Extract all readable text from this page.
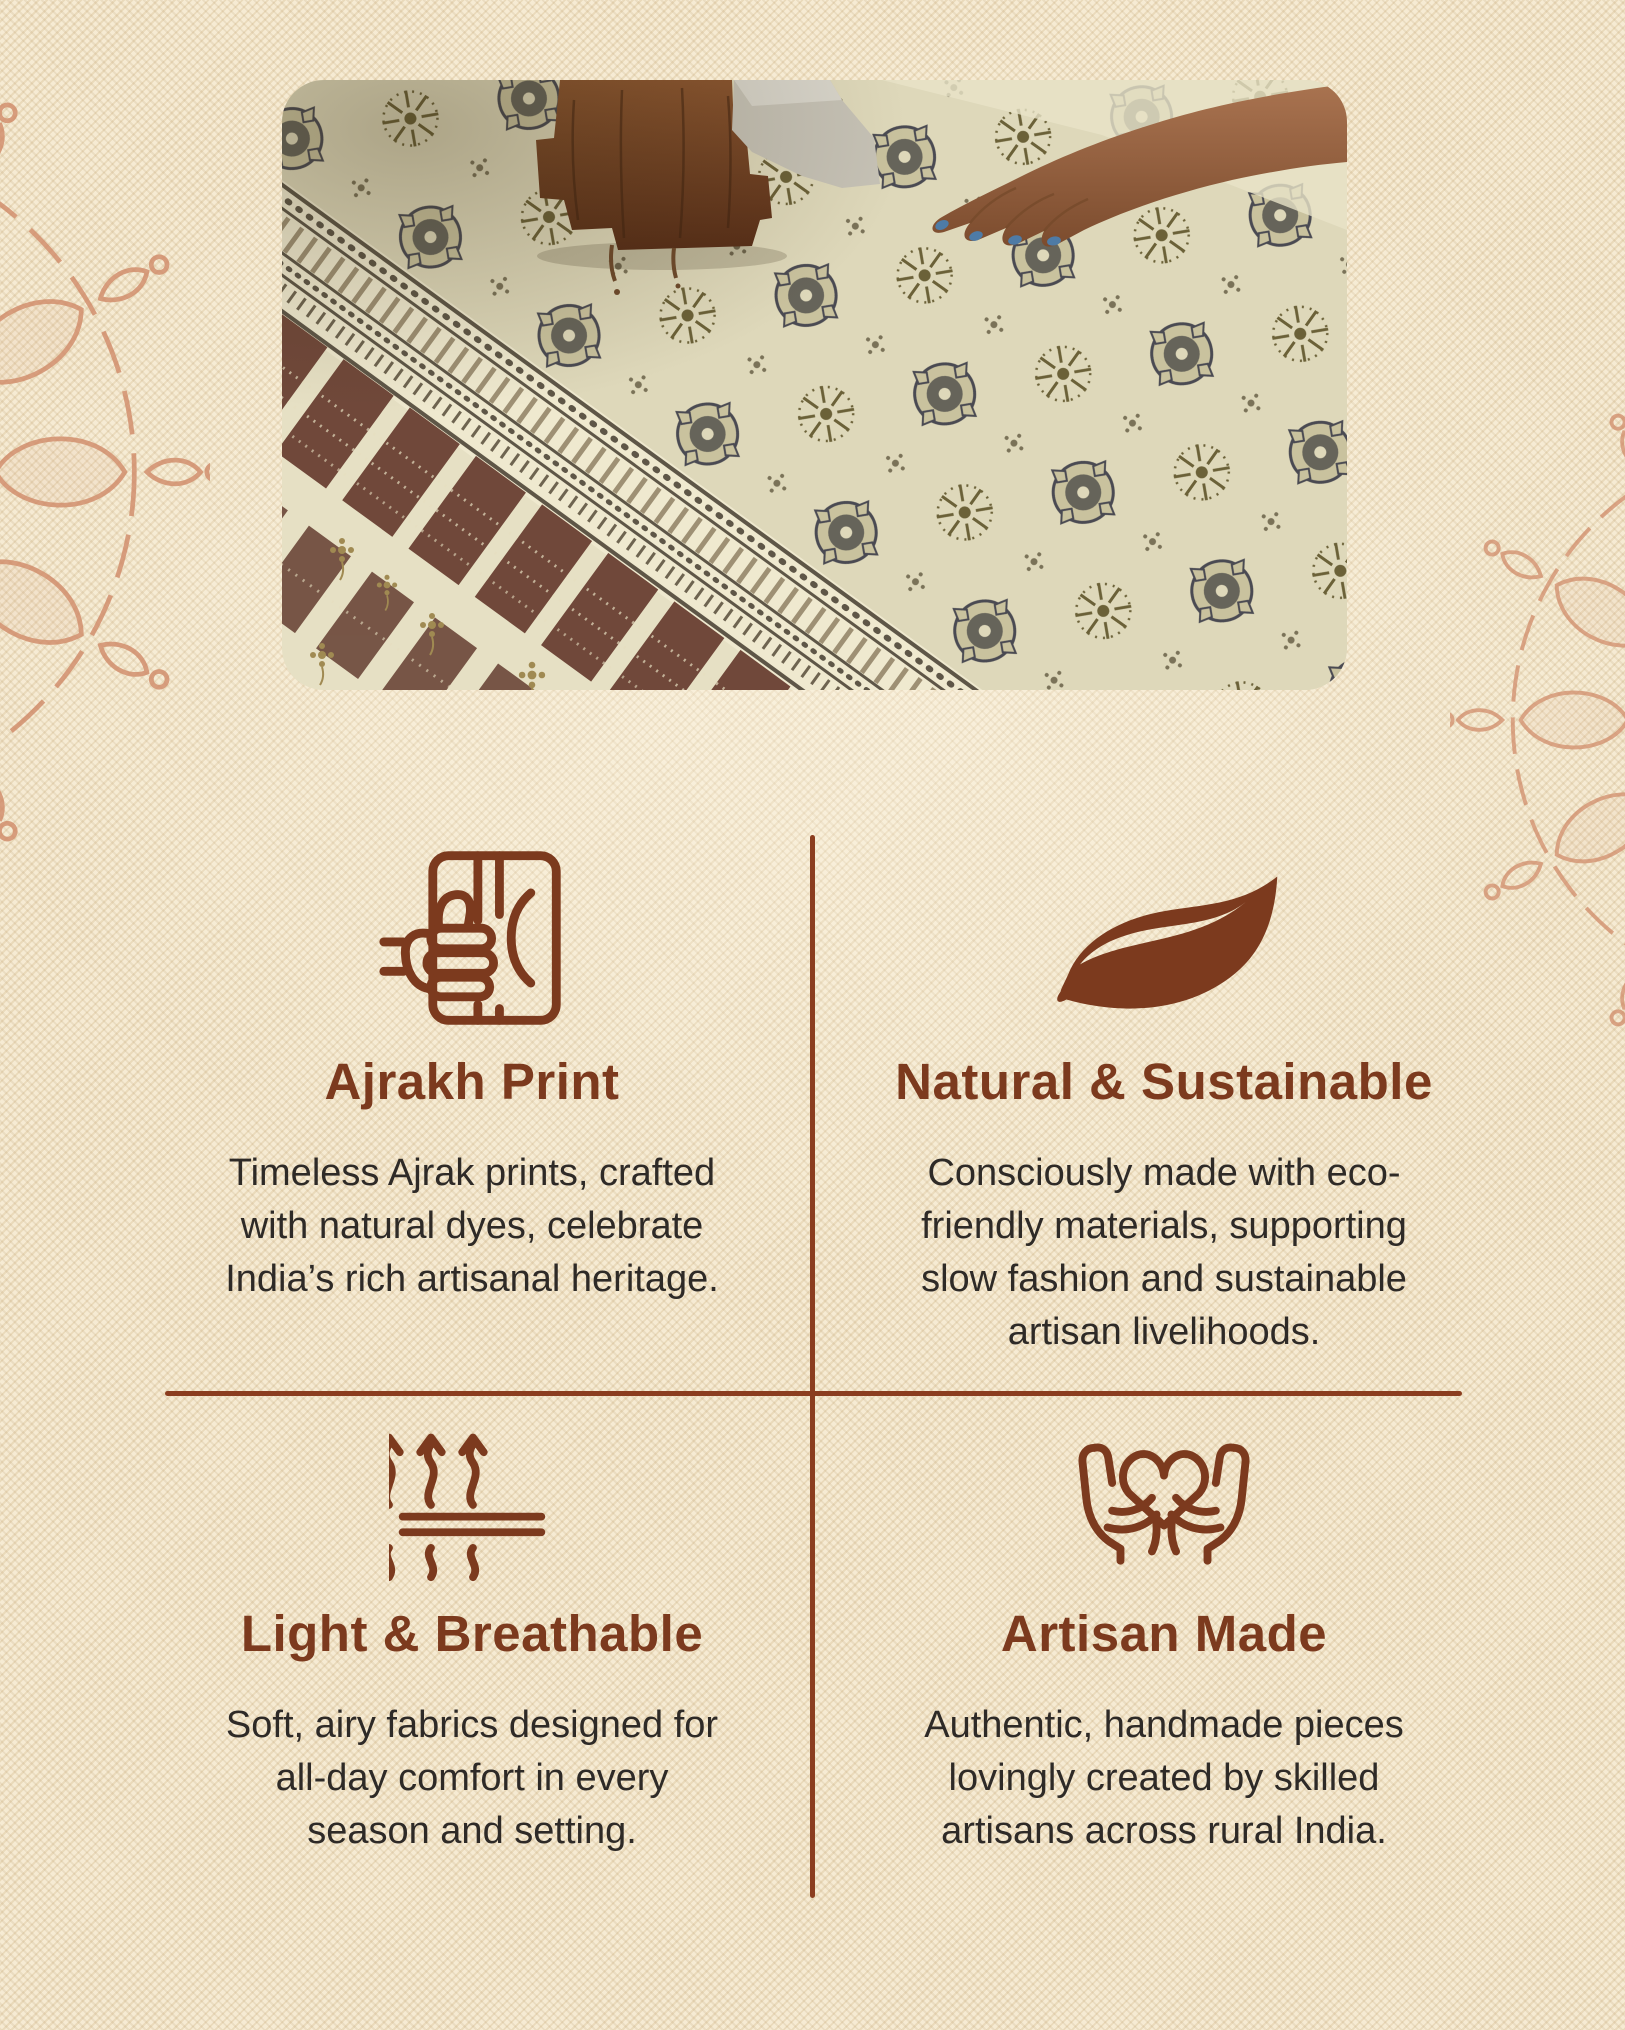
Ajrakh Print

Timeless Ajrak prints, crafted
with natural dyes, celebrate
India’s rich artisanal heritage.

Natural & Sustainable

Consciously made with eco-
friendly materials, supporting
slow fashion and sustainable
artisan livelihoods.

Light & Breathable

Soft, airy fabrics designed for
all-day comfort in every
season and setting.

Artisan Made

Authentic, handmade pieces
lovingly created by skilled
artisans across rural India.
